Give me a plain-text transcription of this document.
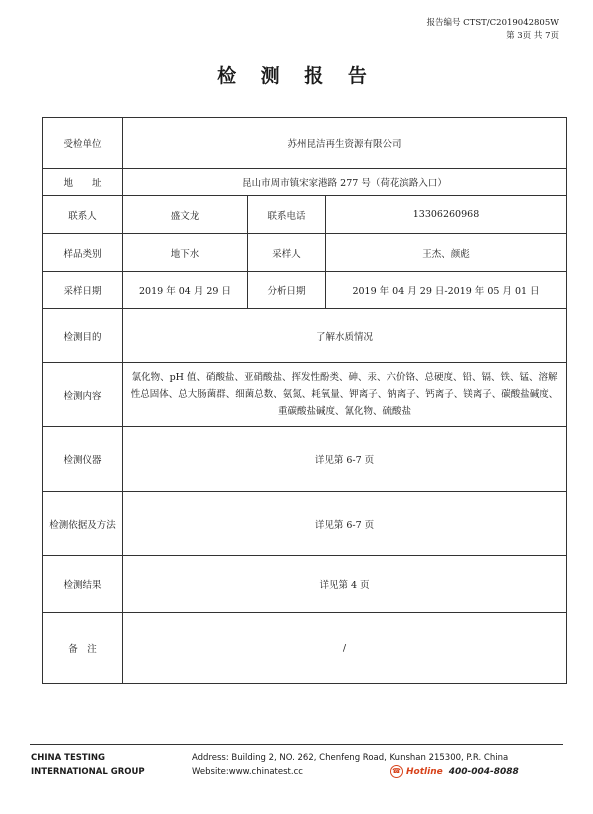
报告编号 CTST/C2019042805W
第 3页 共 7页
检 测 报 告
受检单位	苏州昆洁再生资源有限公司		
地　　址	昆山市周市镇宋家港路 277 号（荷花滨路入口）		
联系人	盛文龙	联系电话	13306260968
样品类别	地下水	采样人	王杰、颜彪
采样日期	2019 年 04 月 29 日	分析日期	2019 年 04 月 29 日-2019 年 05 月 01 日
检测目的	了解水质情况		
检测内容	氯化物、pH 值、硝酸盐、亚硝酸盐、挥发性酚类、砷、汞、六价铬、总硬度、铅、镉、铁、锰、溶解性总固体、总大肠菌群、细菌总数、氨氮、耗氧量、钾离子、钠离子、钙离子、镁离子、碳酸盐碱度、重碳酸盐碱度、氰化物、硫酸盐		
检测仪器	详见第 6-7 页		
检测依据及方法	详见第 6-7 页		
检测结果	详见第 4 页		
备　注	/		
CHINA TESTING
INTERNATIONAL GROUP
Address: Building 2, NO. 262, Chenfeng Road, Kunshan 215300, P.R. China
Website:www.chinatest.cc	☎ Hotline 400-004-8088
